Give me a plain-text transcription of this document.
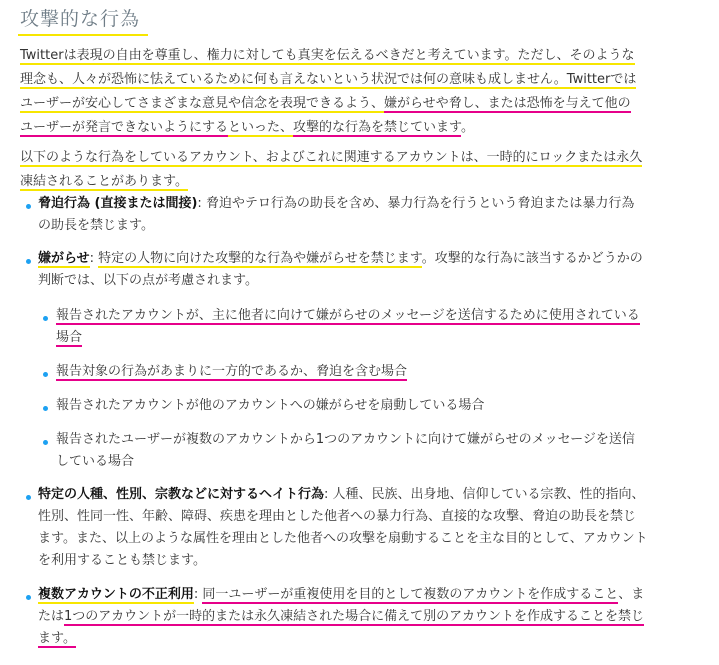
攻撃的な行為

Twitterは表現の自由を尊重し、権力に対しても真実を伝えるべきだと考えています。ただし、そのような

理念も、人々が恐怖に怯えているために何も言えないという状況では何の意味も成しません。Twitterでは

ユーザーが安心してさまざまな意見や信念を表現できるよう、嫌がらせや脅し、または恐怖を与えて他の

ユーザーが発言できないようにするといった、攻撃的な行為を禁じています。

以下のような行為をしているアカウント、およびこれに関連するアカウントは、一時的にロックまたは永久

凍結されることがあります。

脅迫行為 (直接または間接): 脅迫やテロ行為の助長を含め、暴力行為を行うという脅迫または暴力行為

の助長を禁じます。

嫌がらせ: 特定の人物に向けた攻撃的な行為や嫌がらせを禁じます。攻撃的な行為に該当するかどうかの

判断では、以下の点が考慮されます。

報告されたアカウントが、主に他者に向けて嫌がらせのメッセージを送信するために使用されている

場合

報告対象の行為があまりに一方的であるか、脅迫を含む場合

報告されたアカウントが他のアカウントへの嫌がらせを扇動している場合

報告されたユーザーが複数のアカウントから1つのアカウントに向けて嫌がらせのメッセージを送信

している場合

特定の人種、性別、宗教などに対するヘイト行為: 人種、民族、出身地、信仰している宗教、性的指向、

性別、性同一性、年齢、障碍、疾患を理由とした他者への暴力行為、直接的な攻撃、脅迫の助長を禁じ

ます。また、以上のような属性を理由とした他者への攻撃を扇動することを主な目的として、アカウント

を利用することも禁じます。

複数アカウントの不正利用: 同一ユーザーが重複使用を目的として複数のアカウントを作成すること、ま

たは1つのアカウントが一時的または永久凍結された場合に備えて別のアカウントを作成することを禁じ

ます。
